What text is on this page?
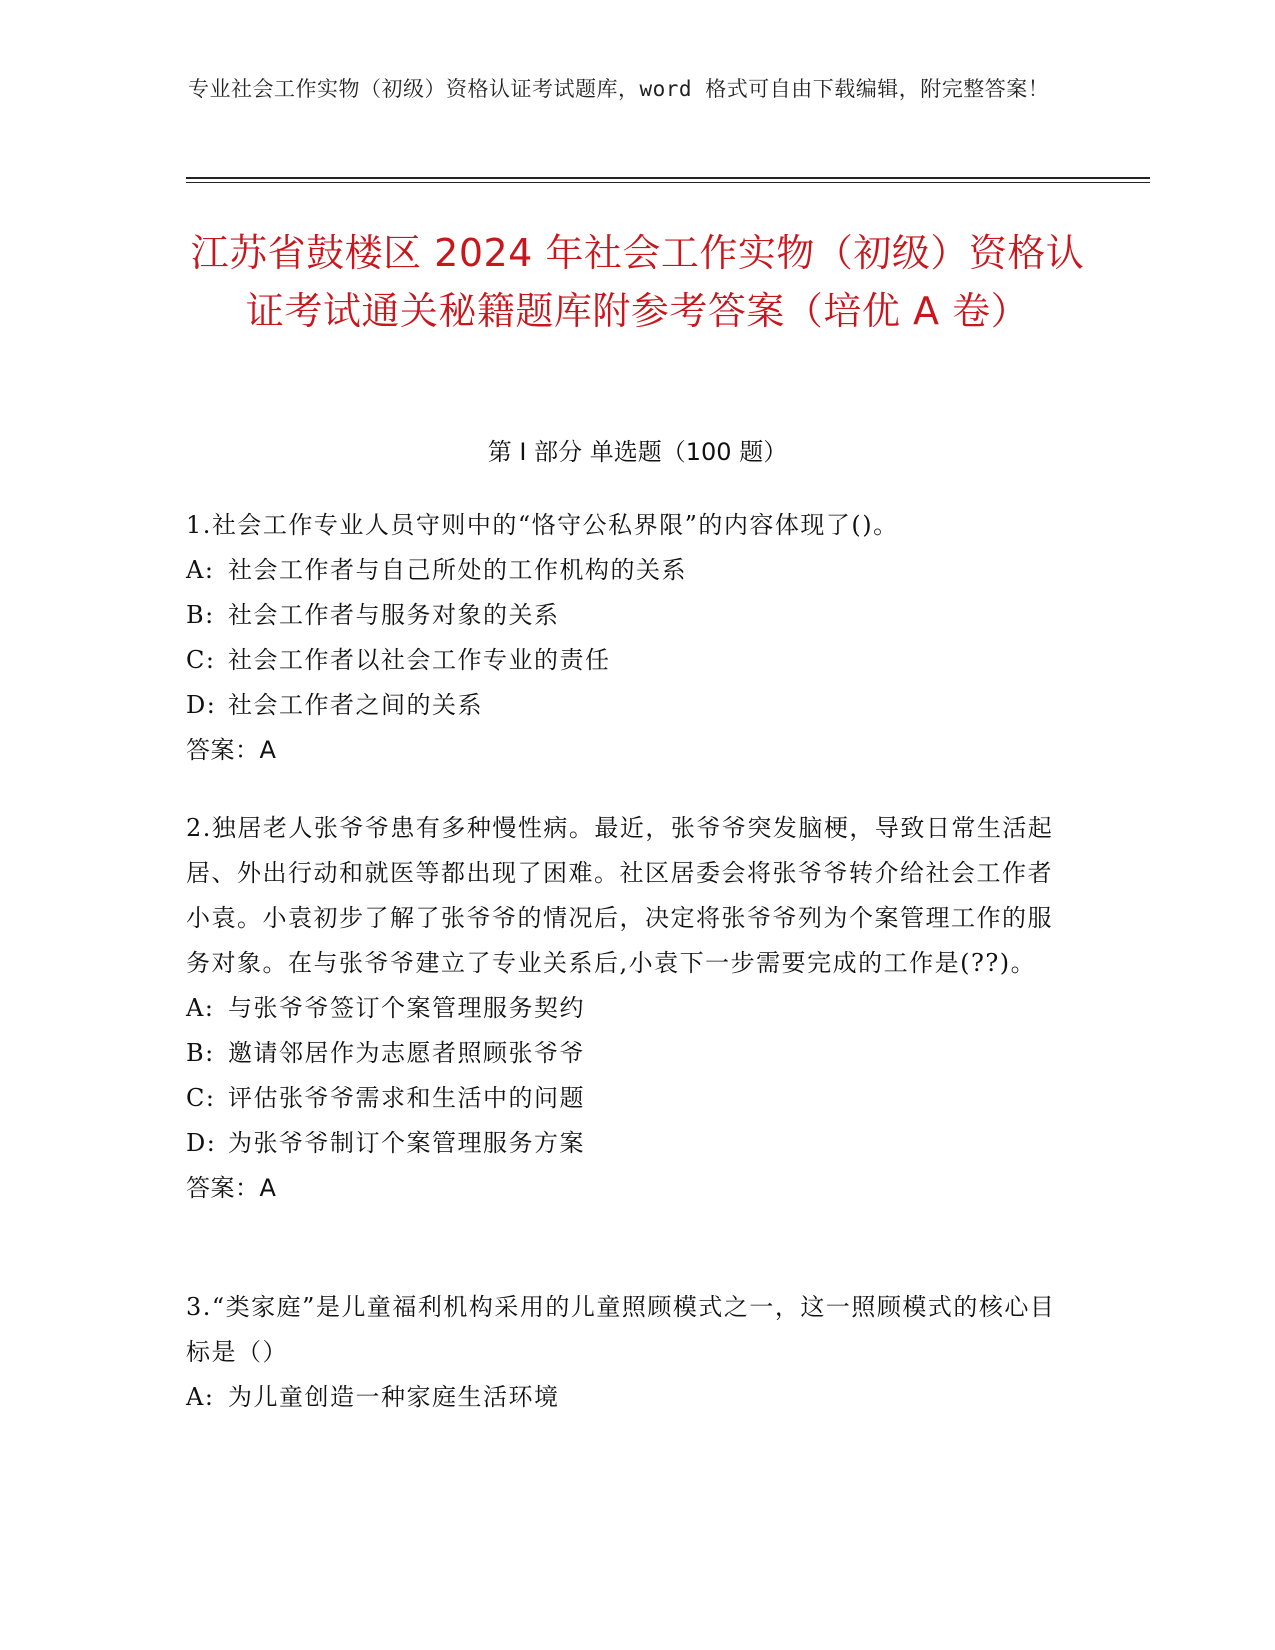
专业社会工作实物（初级）资格认证考试题库，word 格式可自由下载编辑，附完整答案！
江苏省鼓楼区 2024 年社会工作实物（初级）资格认证考试通关秘籍题库附参考答案（培优 A 卷）
第 I 部分 单选题（100 题）

1.社会工作专业人员守则中的“恪守公私界限”的内容体现了()。

A: 社会工作者与自己所处的工作机构的关系

B: 社会工作者与服务对象的关系

C: 社会工作者以社会工作专业的责任

D: 社会工作者之间的关系

答案：A

2.独居老人张爷爷患有多种慢性病。最近，张爷爷突发脑梗，导致日常生活起居、外出行动和就医等都出现了困难。社区居委会将张爷爷转介给社会工作者小袁。小袁初步了解了张爷爷的情况后，决定将张爷爷列为个案管理工作的服务对象。在与张爷爷建立了专业关系后,小袁下一步需要完成的工作是(??)。

A: 与张爷爷签订个案管理服务契约

B: 邀请邻居作为志愿者照顾张爷爷

C: 评估张爷爷需求和生活中的问题

D: 为张爷爷制订个案管理服务方案

答案：A

3.“类家庭”是儿童福利机构采用的儿童照顾模式之一，这一照顾模式的核心目标是（）

A: 为儿童创造一种家庭生活环境
